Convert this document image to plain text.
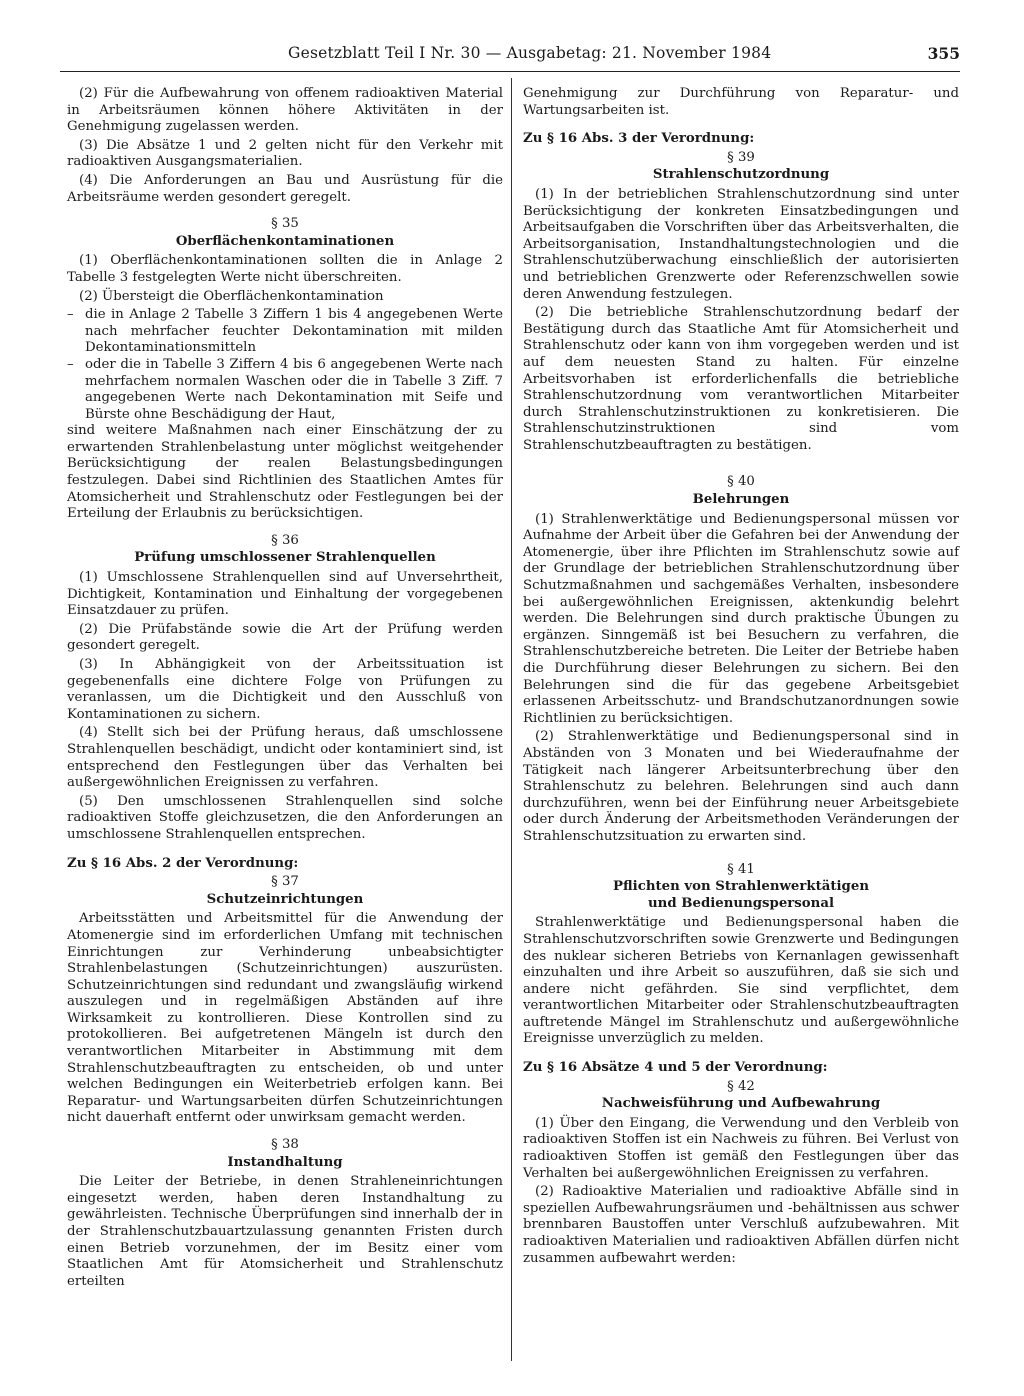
Gesetzblatt Teil I Nr. 30 — Ausgabetag: 21. November 1984	355

(2) Für die Aufbewahrung von offenem radioaktiven Material in Arbeitsräumen können höhere Aktivitäten in der Genehmigung zugelassen werden.

(3) Die Absätze 1 und 2 gelten nicht für den Verkehr mit radioaktiven Ausgangsmaterialien.

(4) Die Anforderungen an Bau und Ausrüstung für die Arbeitsräume werden gesondert geregelt.

§ 35
Oberflächenkontaminationen

(1) Oberflächenkontaminationen sollten die in Anlage 2 Tabelle 3 festgelegten Werte nicht überschreiten.

(2) Übersteigt die Oberflächenkontamination

– die in Anlage 2 Tabelle 3 Ziffern 1 bis 4 angegebenen Werte nach mehrfacher feuchter Dekontamination mit milden Dekontaminationsmitteln
– oder die in Tabelle 3 Ziffern 4 bis 6 angegebenen Werte nach mehrfachem normalen Waschen oder die in Tabelle 3 Ziff. 7 angegebenen Werte nach Dekontamination mit Seife und Bürste ohne Beschädigung der Haut,

sind weitere Maßnahmen nach einer Einschätzung der zu erwartenden Strahlenbelastung unter möglichst weitgehender Berücksichtigung der realen Belastungsbedingungen festzulegen. Dabei sind Richtlinien des Staatlichen Amtes für Atomsicherheit und Strahlenschutz oder Festlegungen bei der Erteilung der Erlaubnis zu berücksichtigen.

§ 36
Prüfung umschlossener Strahlenquellen

(1) Umschlossene Strahlenquellen sind auf Unversehrtheit, Dichtigkeit, Kontamination und Einhaltung der vorgegebenen Einsatzdauer zu prüfen.

(2) Die Prüfabstände sowie die Art der Prüfung werden gesondert geregelt.

(3) In Abhängigkeit von der Arbeitssituation ist gegebenenfalls eine dichtere Folge von Prüfungen zu veranlassen, um die Dichtigkeit und den Ausschluß von Kontaminationen zu sichern.

(4) Stellt sich bei der Prüfung heraus, daß umschlossene Strahlenquellen beschädigt, undicht oder kontaminiert sind, ist entsprechend den Festlegungen über das Verhalten bei außergewöhnlichen Ereignissen zu verfahren.

(5) Den umschlossenen Strahlenquellen sind solche radioaktiven Stoffe gleichzusetzen, die den Anforderungen an umschlossene Strahlenquellen entsprechen.

Zu § 16 Abs. 2 der Verordnung:
§ 37
Schutzeinrichtungen

Arbeitsstätten und Arbeitsmittel für die Anwendung der Atomenergie sind im erforderlichen Umfang mit technischen Einrichtungen zur Verhinderung unbeabsichtigter Strahlenbelastungen (Schutzeinrichtungen) auszurüsten. Schutzeinrichtungen sind redundant und zwangsläufig wirkend auszulegen und in regelmäßigen Abständen auf ihre Wirksamkeit zu kontrollieren. Diese Kontrollen sind zu protokollieren. Bei aufgetretenen Mängeln ist durch den verantwortlichen Mitarbeiter in Abstimmung mit dem Strahlenschutzbeauftragten zu entscheiden, ob und unter welchen Bedingungen ein Weiterbetrieb erfolgen kann. Bei Reparatur- und Wartungsarbeiten dürfen Schutzeinrichtungen nicht dauerhaft entfernt oder unwirksam gemacht werden.

§ 38
Instandhaltung

Die Leiter der Betriebe, in denen Strahleneinrichtungen eingesetzt werden, haben deren Instandhaltung zu gewährleisten. Technische Überprüfungen sind innerhalb der in der Strahlenschutzbauartzulassung genannten Fristen durch einen Betrieb vorzunehmen, der im Besitz einer vom Staatlichen Amt für Atomsicherheit und Strahlenschutz erteilten

Genehmigung zur Durchführung von Reparatur- und Wartungsarbeiten ist.

Zu § 16 Abs. 3 der Verordnung:
§ 39
Strahlenschutzordnung

(1) In der betrieblichen Strahlenschutzordnung sind unter Berücksichtigung der konkreten Einsatzbedingungen und Arbeitsaufgaben die Vorschriften über das Arbeitsverhalten, die Arbeitsorganisation, Instandhaltungstechnologien und die Strahlenschutzüberwachung einschließlich der autorisierten und betrieblichen Grenzwerte oder Referenzschwellen sowie deren Anwendung festzulegen.

(2) Die betriebliche Strahlenschutzordnung bedarf der Bestätigung durch das Staatliche Amt für Atomsicherheit und Strahlenschutz oder kann von ihm vorgegeben werden und ist auf dem neuesten Stand zu halten. Für einzelne Arbeitsvorhaben ist erforderlichenfalls die betriebliche Strahlenschutzordnung vom verantwortlichen Mitarbeiter durch Strahlenschutzinstruktionen zu konkretisieren. Die Strahlenschutzinstruktionen sind vom Strahlenschutzbeauftragten zu bestätigen.

§ 40
Belehrungen

(1) Strahlenwerktätige und Bedienungspersonal müssen vor Aufnahme der Arbeit über die Gefahren bei der Anwendung der Atomenergie, über ihre Pflichten im Strahlenschutz sowie auf der Grundlage der betrieblichen Strahlenschutzordnung über Schutzmaßnahmen und sachgemäßes Verhalten, insbesondere bei außergewöhnlichen Ereignissen, aktenkundig belehrt werden. Die Belehrungen sind durch praktische Übungen zu ergänzen. Sinngemäß ist bei Besuchern zu verfahren, die Strahlenschutzbereiche betreten. Die Leiter der Betriebe haben die Durchführung dieser Belehrungen zu sichern. Bei den Belehrungen sind die für das gegebene Arbeitsgebiet erlassenen Arbeitsschutz- und Brandschutzanordnungen sowie Richtlinien zu berücksichtigen.

(2) Strahlenwerktätige und Bedienungspersonal sind in Abständen von 3 Monaten und bei Wiederaufnahme der Tätigkeit nach längerer Arbeitsunterbrechung über den Strahlenschutz zu belehren. Belehrungen sind auch dann durchzuführen, wenn bei der Einführung neuer Arbeitsgebiete oder durch Änderung der Arbeitsmethoden Veränderungen der Strahlenschutzsituation zu erwarten sind.

§ 41
Pflichten von Strahlenwerktätigen
und Bedienungspersonal

Strahlenwerktätige und Bedienungspersonal haben die Strahlenschutzvorschriften sowie Grenzwerte und Bedingungen des nuklear sicheren Betriebs von Kernanlagen gewissenhaft einzuhalten und ihre Arbeit so auszuführen, daß sie sich und andere nicht gefährden. Sie sind verpflichtet, dem verantwortlichen Mitarbeiter oder Strahlenschutzbeauftragten auftretende Mängel im Strahlenschutz und außergewöhnliche Ereignisse unverzüglich zu melden.

Zu § 16 Absätze 4 und 5 der Verordnung:
§ 42
Nachweisführung und Aufbewahrung

(1) Über den Eingang, die Verwendung und den Verbleib von radioaktiven Stoffen ist ein Nachweis zu führen. Bei Verlust von radioaktiven Stoffen ist gemäß den Festlegungen über das Verhalten bei außergewöhnlichen Ereignissen zu verfahren.

(2) Radioaktive Materialien und radioaktive Abfälle sind in speziellen Aufbewahrungsräumen und -behältnissen aus schwer brennbaren Baustoffen unter Verschluß aufzubewahren. Mit radioaktiven Materialien und radioaktiven Abfällen dürfen nicht zusammen aufbewahrt werden:
